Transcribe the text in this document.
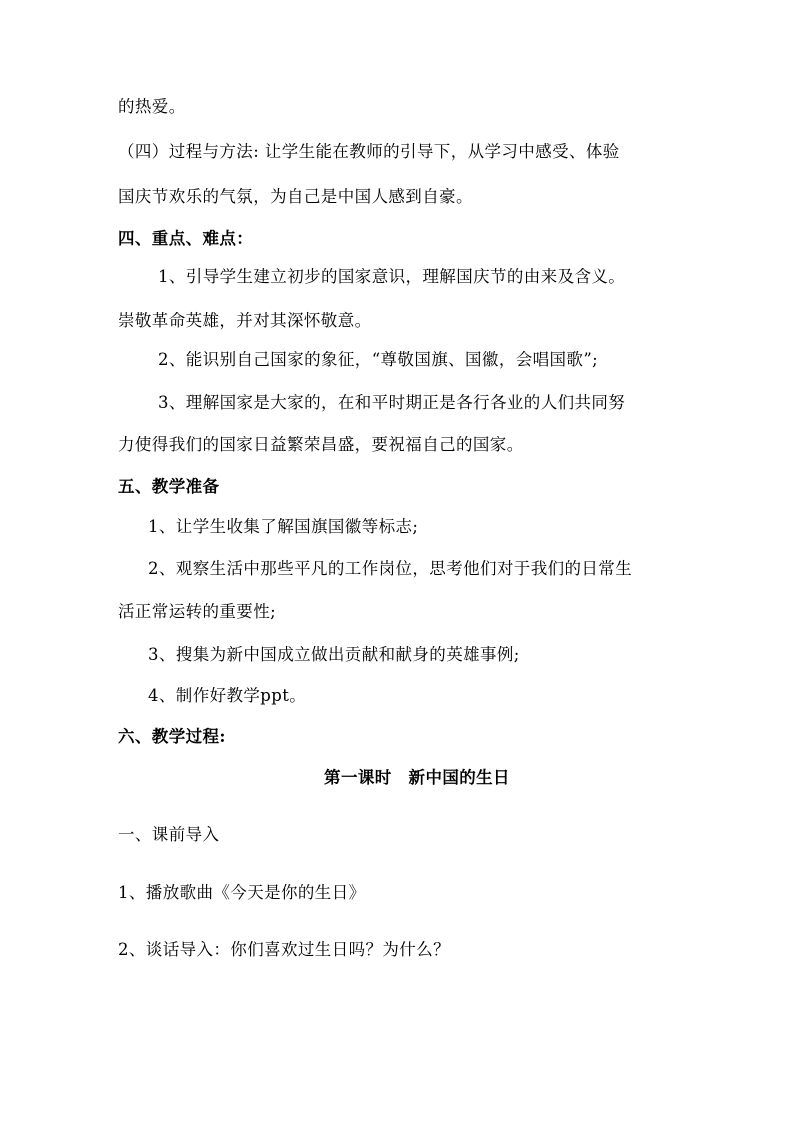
的热爱。
（四）过程与方法: 让学生能在教师的引导下，从学习中感受、体验
国庆节欢乐的气氛，为自己是中国人感到自豪。
四、重点、难点：
1、引导学生建立初步的国家意识，理解国庆节的由来及含义。
崇敬革命英雄，并对其深怀敬意。
2、能识别自己国家的象征，“尊敬国旗、国徽，会唱国歌”;
3、理解国家是大家的，在和平时期正是各行各业的人们共同努
力使得我们的国家日益繁荣昌盛，要祝福自己的国家。
五、教学准备
1、让学生收集了解国旗国徽等标志;
2、观察生活中那些平凡的工作岗位，思考他们对于我们的日常生
活正常运转的重要性;
3、搜集为新中国成立做出贡献和献身的英雄事例;
4、制作好教学ppt。
六、教学过程:
第一课时　新中国的生日
一、课前导入
1、播放歌曲《今天是你的生日》
2、谈话导入：你们喜欢过生日吗？为什么？
